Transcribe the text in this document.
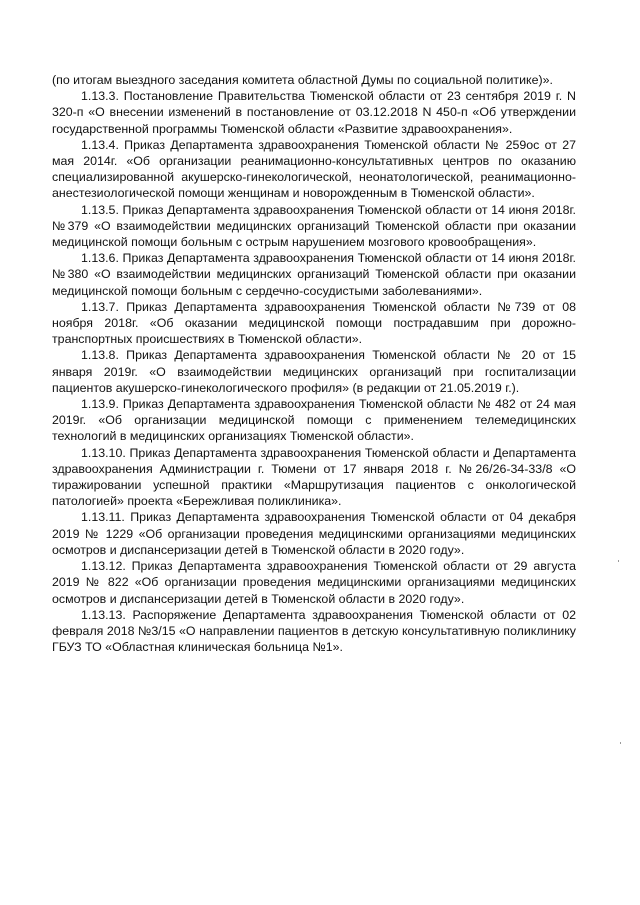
(по итогам выездного заседания комитета областной Думы по социальной политике)».

1.13.3. Постановление Правительства Тюменской области от 23 сентября 2019 г. N 320-п «О внесении изменений в постановление от 03.12.2018 N 450-п «Об утверждении государственной программы Тюменской области «Развитие здравоохранения».

1.13.4. Приказ Департамента здравоохранения Тюменской области № 259ос от 27 мая 2014г. «Об организации реанимационно-консультативных центров по оказанию специализированной акушерско-гинекологической, неонатологической, реанимационно-анестезиологической помощи женщинам и новорожденным в Тюменской области».

1.13.5. Приказ Департамента здравоохранения Тюменской области от 14 июня 2018г. №379 «О взаимодействии медицинских организаций Тюменской области при оказании медицинской помощи больным с острым нарушением мозгового кровообращения».

1.13.6. Приказ Департамента здравоохранения Тюменской области от 14 июня 2018г. №380 «О взаимодействии медицинских организаций Тюменской области при оказании медицинской помощи больным с сердечно-сосудистыми заболеваниями».

1.13.7. Приказ Департамента здравоохранения Тюменской области №739 от 08 ноября 2018г. «Об оказании медицинской помощи пострадавшим при дорожно-транспортных происшествиях в Тюменской области».

1.13.8. Приказ Департамента здравоохранения Тюменской области № 20 от 15 января 2019г. «О взаимодействии медицинских организаций при госпитализации пациентов акушерско-гинекологического профиля» (в редакции от 21.05.2019 г.).

1.13.9. Приказ Департамента здравоохранения Тюменской области № 482 от 24 мая 2019г. «Об организации медицинской помощи с применением телемедицинских технологий в медицинских организациях Тюменской области».

1.13.10. Приказ Департамента здравоохранения Тюменской области и Департамента здравоохранения Администрации г. Тюмени от 17 января 2018 г. №26/26-34-33/8 «О тиражировании успешной практики «Маршрутизация пациентов с онкологической патологией» проекта «Бережливая поликлиника».

1.13.11. Приказ Департамента здравоохранения Тюменской области от 04 декабря 2019 № 1229 «Об организации проведения медицинскими организациями медицинских осмотров и диспансеризации детей в Тюменской области в 2020 году».

1.13.12. Приказ Департамента здравоохранения Тюменской области от 29 августа 2019 № 822 «Об организации проведения медицинскими организациями медицинских осмотров и диспансеризации детей в Тюменской области в 2020 году».

1.13.13. Распоряжение Департамента здравоохранения Тюменской области от 02 февраля 2018 №3/15 «О направлении пациентов в детскую консультативную поликлинику ГБУЗ ТО «Областная клиническая больница №1».
